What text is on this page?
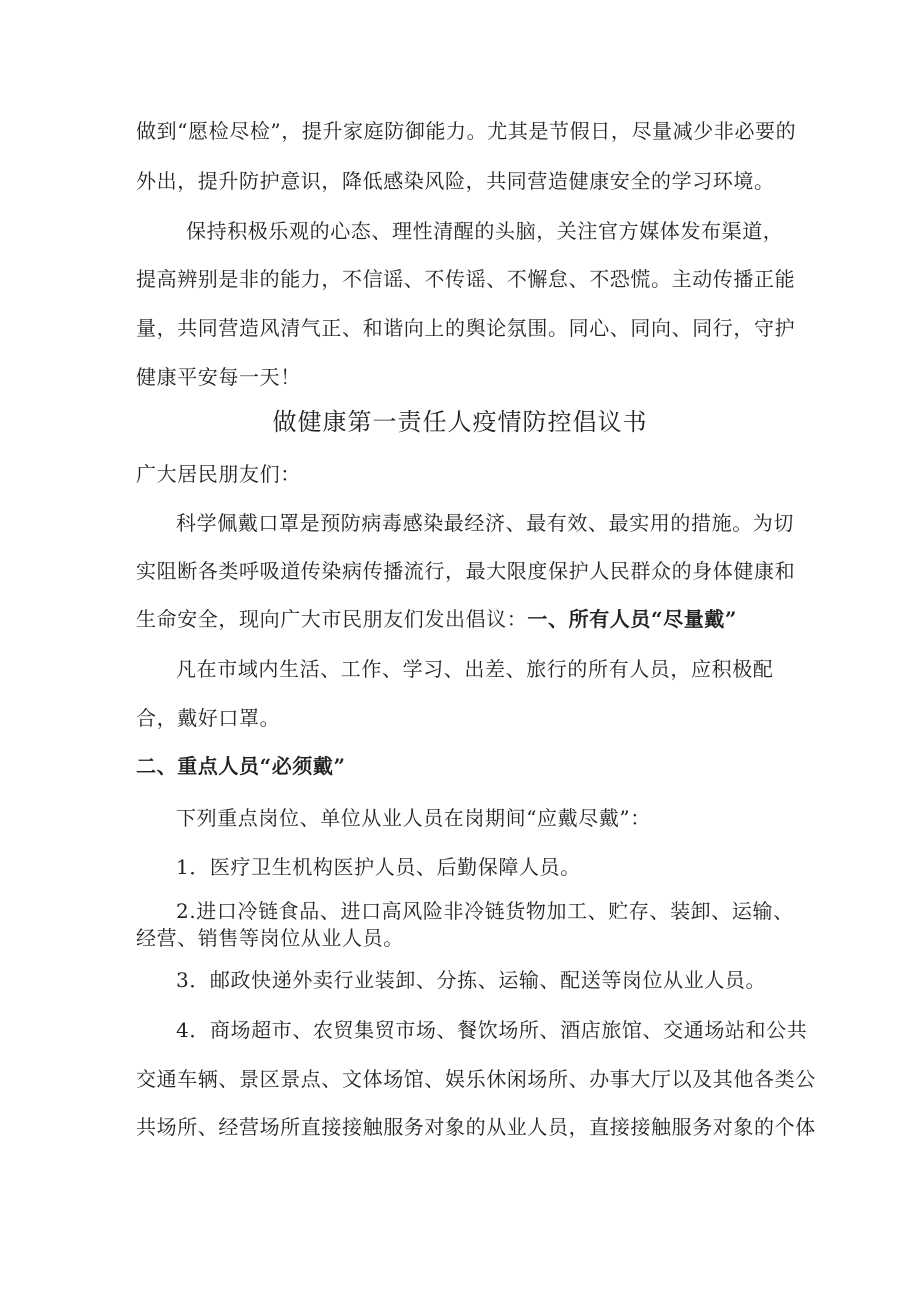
做到“愿检尽检”，提升家庭防御能力。尤其是节假日，尽量减少非必要的
外出，提升防护意识，降低感染风险，共同营造健康安全的学习环境。
保持积极乐观的心态、理性清醒的头脑，关注官方媒体发布渠道，
提高辨别是非的能力，不信谣、不传谣、不懈怠、不恐慌。主动传播正能
量，共同营造风清气正、和谐向上的舆论氛围。同心、同向、同行，守护
健康平安每一天！
做健康第一责任人疫情防控倡议书
广大居民朋友们：
科学佩戴口罩是预防病毒感染最经济、最有效、最实用的措施。为切
实阻断各类呼吸道传染病传播流行，最大限度保护人民群众的身体健康和
生命安全，现向广大市民朋友们发出倡议：一、所有人员“尽量戴”
凡在市域内生活、工作、学习、出差、旅行的所有人员，应积极配
合，戴好口罩。
二、重点人员“必须戴”
下列重点岗位、单位从业人员在岗期间“应戴尽戴”：
1．医疗卫生机构医护人员、后勤保障人员。
2.进口冷链食品、进口高风险非冷链货物加工、贮存、装卸、运输、
经营、销售等岗位从业人员。
3．邮政快递外卖行业装卸、分拣、运输、配送等岗位从业人员。
4．商场超市、农贸集贸市场、餐饮场所、酒店旅馆、交通场站和公共
交通车辆、景区景点、文体场馆、娱乐休闲场所、办事大厅以及其他各类公
共场所、经营场所直接接触服务对象的从业人员，直接接触服务对象的个体
